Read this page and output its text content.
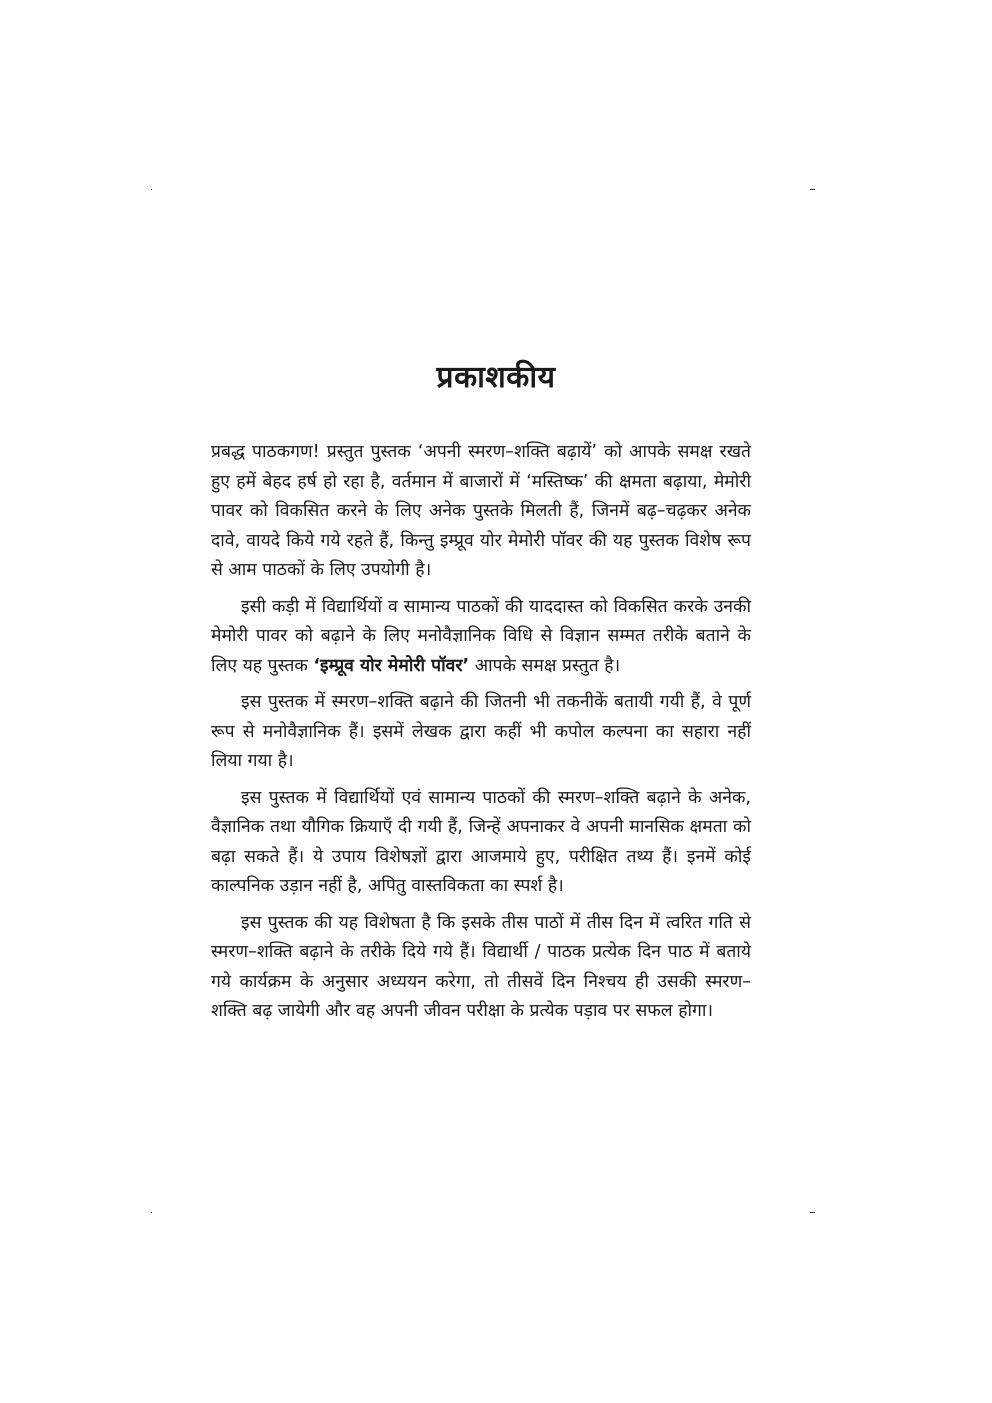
प्रकाशकीय

प्रबद्ध पाठकगण! प्रस्तुत पुस्तक ‘अपनी स्मरण–शक्ति बढ़ायें’ को आपके समक्ष रखते हुए हमें बेहद हर्ष हो रहा है, वर्तमान में बाजारों में ‘मस्तिष्क’ की क्षमता बढ़ाया, मेमोरी पावर को विकसित करने के लिए अनेक पुस्तके मिलती हैं, जिनमें बढ़–चढ़कर अनेक दावे, वायदे किये गये रहते हैं, किन्तु इम्प्रूव योर मेमोरी पॉवर की यह पुस्तक विशेष रूप से आम पाठकों के लिए उपयोगी है।

इसी कड़ी में विद्यार्थियों व सामान्य पाठकों की याददास्त को विकसित करके उनकी मेमोरी पावर को बढ़ाने के लिए मनोवैज्ञानिक विधि से विज्ञान सम्मत तरीके बताने के लिए यह पुस्तक ‘इम्प्रूव योर मेमोरी पॉवर’ आपके समक्ष प्रस्तुत है।

इस पुस्तक में स्मरण–शक्ति बढ़ाने की जितनी भी तकनीकें बतायी गयी हैं, वे पूर्ण रूप से मनोवैज्ञानिक हैं। इसमें लेखक द्वारा कहीं भी कपोल कल्पना का सहारा नहीं लिया गया है।

इस पुस्तक में विद्यार्थियों एवं सामान्य पाठकों की स्मरण–शक्ति बढ़ाने के अनेक, वैज्ञानिक तथा यौगिक क्रियाएँ दी गयी हैं, जिन्हें अपनाकर वे अपनी मानसिक क्षमता को बढ़ा सकते हैं। ये उपाय विशेषज्ञों द्वारा आजमाये हुए, परीक्षित तथ्य हैं। इनमें कोई काल्पनिक उड़ान नहीं है, अपितु वास्तविकता का स्पर्श है।

इस पुस्तक की यह विशेषता है कि इसके तीस पाठों में तीस दिन में त्वरित गति से स्मरण–शक्ति बढ़ाने के तरीके दिये गये हैं। विद्यार्थी / पाठक प्रत्येक दिन पाठ में बताये गये कार्यक्रम के अनुसार अध्ययन करेगा, तो तीसवें दिन निश्चय ही उसकी स्मरण–शक्ति बढ़ जायेगी और वह अपनी जीवन परीक्षा के प्रत्येक पड़ाव पर सफल होगा।
